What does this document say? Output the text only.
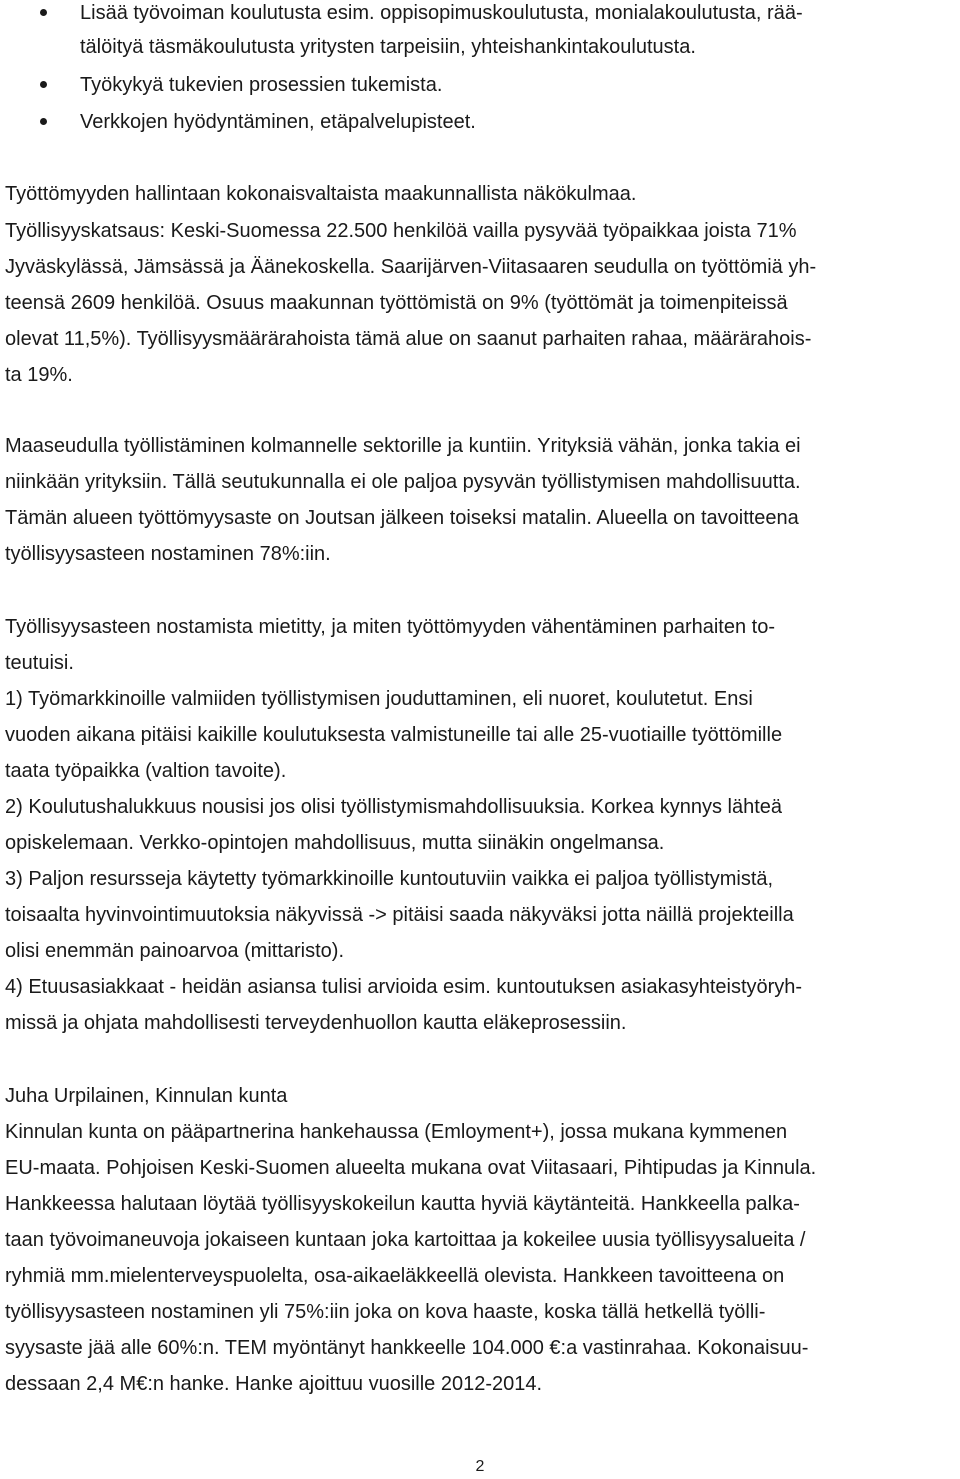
Lisää työvoiman koulutusta esim. oppisopimuskoulutusta, monialakoulutusta, rää-

tälöityä täsmäkoulutusta yritysten tarpeisiin, yhteishankintakoulutusta.

Työkykyä tukevien prosessien tukemista.

Verkkojen hyödyntäminen, etäpalvelupisteet.

Työttömyyden hallintaan kokonaisvaltaista maakunnallista näkökulmaa.

Työllisyyskatsaus: Keski-Suomessa 22.500 henkilöä vailla pysyvää työpaikkaa joista 71%

Jyväskylässä, Jämsässä ja Äänekoskella. Saarijärven-Viitasaaren seudulla on työttömiä yh-

teensä 2609 henkilöä. Osuus maakunnan työttömistä on 9% (työttömät ja toimenpiteissä

olevat 11,5%). Työllisyysmäärärahoista tämä alue on saanut parhaiten rahaa, määrärahois-

ta 19%.

Maaseudulla työllistäminen kolmannelle sektorille ja kuntiin. Yrityksiä vähän, jonka takia ei

niinkään yrityksiin. Tällä seutukunnalla ei ole paljoa pysyvän työllistymisen mahdollisuutta.

Tämän alueen työttömyysaste on Joutsan jälkeen toiseksi matalin. Alueella on tavoitteena

työllisyysasteen nostaminen 78%:iin.

Työllisyysasteen nostamista mietitty, ja miten työttömyyden vähentäminen parhaiten to-

teutuisi.

1) Työmarkkinoille valmiiden työllistymisen jouduttaminen, eli nuoret, koulutetut. Ensi

vuoden aikana pitäisi kaikille koulutuksesta valmistuneille tai alle 25-vuotiaille työttömille

taata työpaikka (valtion tavoite).

2) Koulutushalukkuus nousisi jos olisi työllistymismahdollisuuksia. Korkea kynnys lähteä

opiskelemaan. Verkko-opintojen mahdollisuus, mutta siinäkin ongelmansa.

3) Paljon resursseja käytetty työmarkkinoille kuntoutuviin vaikka ei paljoa työllistymistä,

toisaalta hyvinvointimuutoksia näkyvissä -> pitäisi saada näkyväksi jotta näillä projekteilla

olisi enemmän painoarvoa (mittaristo).

4) Etuusasiakkaat - heidän asiansa tulisi arvioida esim. kuntoutuksen asiakasyhteistyöryh-

missä ja ohjata mahdollisesti terveydenhuollon kautta eläkeprosessiin.

Juha Urpilainen, Kinnulan kunta

Kinnulan kunta on pääpartnerina hankehaussa (Emloyment+), jossa mukana kymmenen

EU-maata. Pohjoisen Keski-Suomen alueelta mukana ovat Viitasaari, Pihtipudas ja Kinnula.

Hankkeessa halutaan löytää työllisyyskokeilun kautta hyviä käytänteitä. Hankkeella palka-

taan työvoimaneuvoja jokaiseen kuntaan joka kartoittaa ja kokeilee uusia työllisyysalueita /

ryhmiä mm.mielenterveyspuolelta, osa-aikaeläkkeellä olevista. Hankkeen tavoitteena on

työllisyysasteen nostaminen yli 75%:iin joka on kova haaste, koska tällä hetkellä työlli-

syysaste jää alle 60%:n. TEM myöntänyt hankkeelle 104.000 €:a vastinrahaa. Kokonaisuu-

dessaan 2,4 M€:n hanke. Hanke ajoittuu vuosille 2012-2014.

2
